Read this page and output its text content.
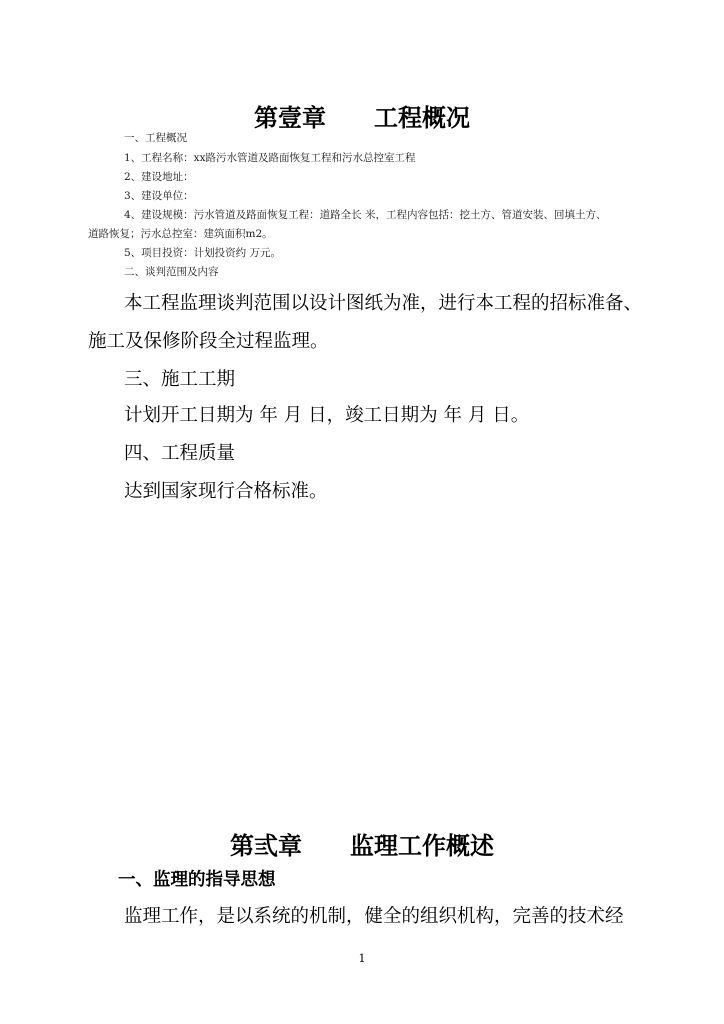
第壹章 工程概况
一、工程概况
1、工程名称：xx路污水管道及路面恢复工程和污水总控室工程
2、建设地址：
3、建设单位：
4、建设规模：污水管道及路面恢复工程：道路全长 米，工程内容包括：挖土方、管道安装、回填土方、
道路恢复；污水总控室：建筑面积m2。
5、项目投资：计划投资约 万元。
二、谈判范围及内容
本工程监理谈判范围以设计图纸为准，进行本工程的招标准备、
施工及保修阶段全过程监理。
三、施工工期
计划开工日期为 年 月 日，竣工日期为 年 月 日。
四、工程质量
达到国家现行合格标准。
第弎章 监理工作概述
一、监理的指导思想
监理工作，是以系统的机制，健全的组织机构，完善的技术经
1
